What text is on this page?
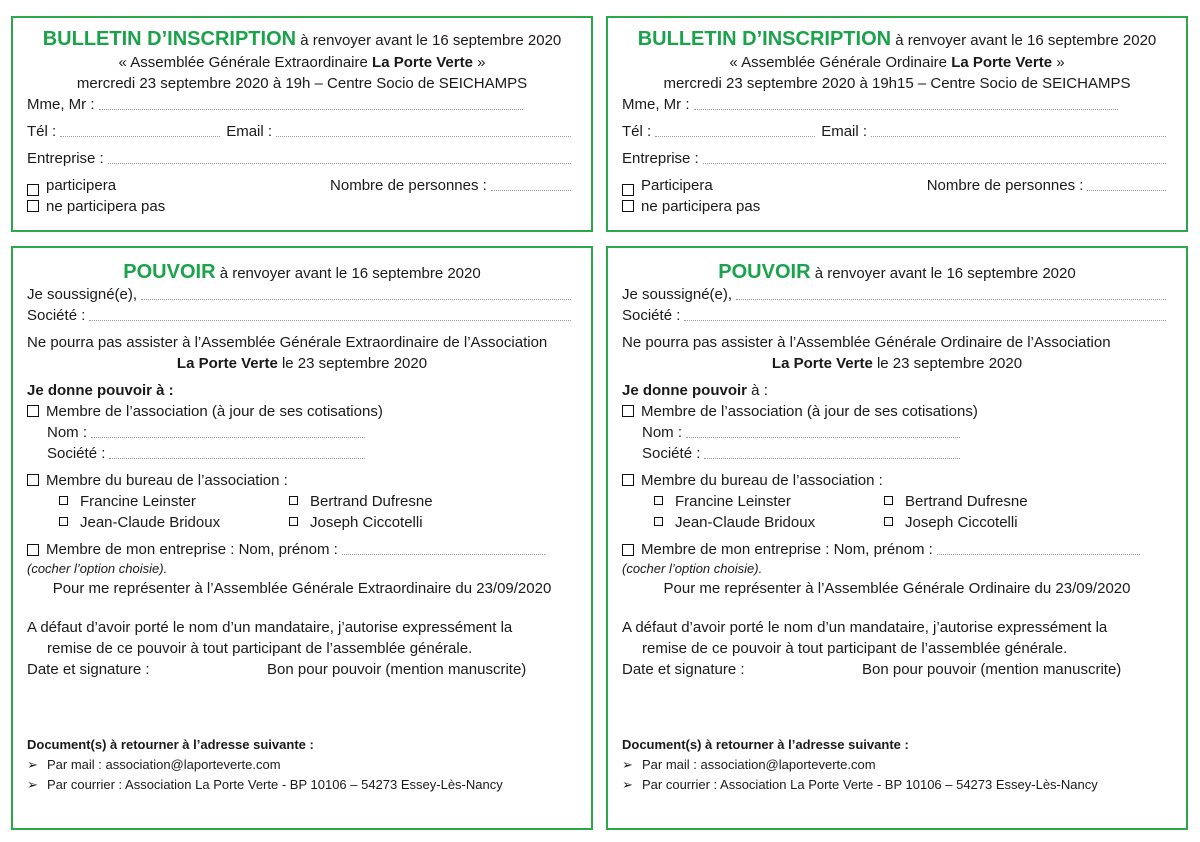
BULLETIN D’INSCRIPTION à renvoyer avant le 16 septembre 2020
« Assemblée Générale Extraordinaire La Porte Verte »
mercredi 23 septembre 2020 à 19h – Centre Socio de SEICHAMPS
Mme, Mr :
Tél :	Email :
Entreprise :
participera	Nombre de personnes :
ne participera pas
BULLETIN D’INSCRIPTION à renvoyer avant le 16 septembre 2020
« Assemblée Générale Ordinaire La Porte Verte »
mercredi 23 septembre 2020 à 19h15 – Centre Socio de SEICHAMPS
Mme, Mr :
Tél :	Email :
Entreprise :
Participera	Nombre de personnes :
ne participera pas
POUVOIR à renvoyer avant le 16 septembre 2020
Je soussigné(e),
Société :
Ne pourra pas assister à l’Assemblée Générale Extraordinaire de l’Association
La Porte Verte le 23 septembre 2020
Je donne pouvoir à :
Membre de l’association (à jour de ses cotisations)
Nom :
Société :
Membre du bureau de l’association :
Francine Leinster	Bertrand Dufresne
Jean-Claude Bridoux	Joseph Ciccotelli
Membre de mon entreprise : Nom, prénom :
(cocher l’option choisie).
Pour me représenter à l’Assemblée Générale Extraordinaire du 23/09/2020
A défaut d’avoir porté le nom d’un mandataire, j’autorise expressément la
remise de ce pouvoir à tout participant de l’assemblée générale.
Date et signature :	Bon pour pouvoir (mention manuscrite)
Document(s) à retourner à l’adresse suivante :
➢ Par mail : association@laporteverte.com
➢ Par courrier : Association La Porte Verte - BP 10106 – 54273 Essey-Lès-Nancy
POUVOIR à renvoyer avant le 16 septembre 2020
Je soussigné(e),
Société :
Ne pourra pas assister à l’Assemblée Générale Ordinaire de l’Association
La Porte Verte le 23 septembre 2020
Je donne pouvoir à :
Membre de l’association (à jour de ses cotisations)
Nom :
Société :
Membre du bureau de l’association :
Francine Leinster	Bertrand Dufresne
Jean-Claude Bridoux	Joseph Ciccotelli
Membre de mon entreprise : Nom, prénom :
(cocher l’option choisie).
Pour me représenter à l’Assemblée Générale Ordinaire du 23/09/2020
A défaut d’avoir porté le nom d’un mandataire, j’autorise expressément la
remise de ce pouvoir à tout participant de l’assemblée générale.
Date et signature :	Bon pour pouvoir (mention manuscrite)
Document(s) à retourner à l’adresse suivante :
➢ Par mail : association@laporteverte.com
➢ Par courrier : Association La Porte Verte - BP 10106 – 54273 Essey-Lès-Nancy
